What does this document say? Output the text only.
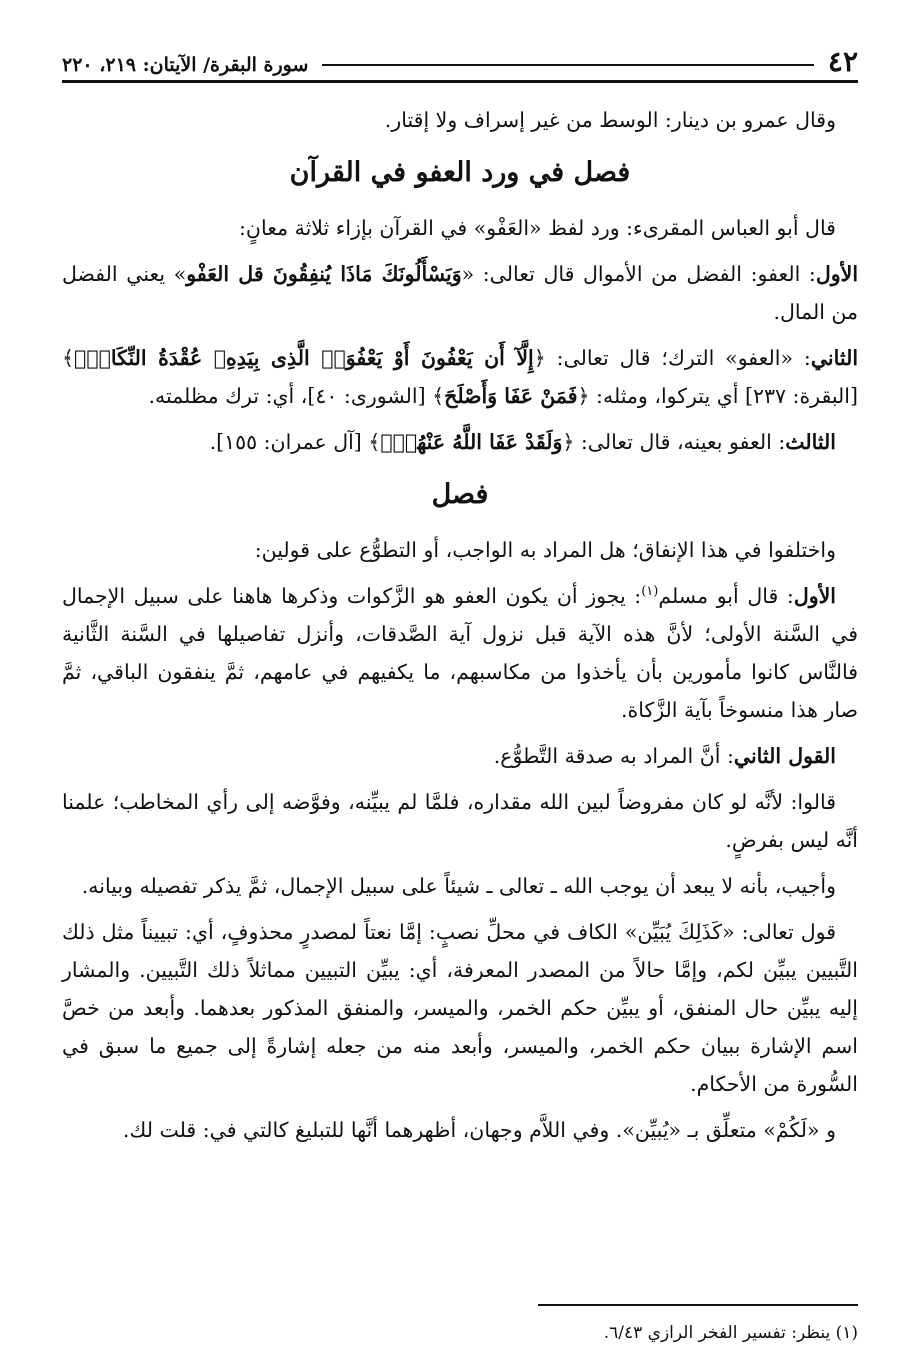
٤٢
سورة البقرة/ الآيتان: ٢١٩، ٢٢٠

وقال عمرو بن دينار: الوسط من غير إسراف ولا إقتار.

فصل في ورد العفو في القرآن

قال أبو العباس المقرىء: ورد لفظ «العَفْو» في القرآن بإزاء ثلاثة معانٍ:

الأول: العفو: الفضل من الأموال قال تعالى: «وَيَسْأَلُونَكَ مَاذَا يُنفِقُونَ قل العَفْو» يعني الفضل من المال.

الثاني: «العفو» الترك؛ قال تعالى: ﴿إِلَّآ أَن يَعْفُونَ أَوْ يَعْفُوَا۟ الَّذِى بِيَدِهِۦ عُقْدَةُ النِّكَاحِۚ﴾ [البقرة: ٢٣٧] أي يتركوا، ومثله: ﴿فَمَنْ عَفَا وَأَصْلَحَ﴾ [الشورى: ٤٠]، أي: ترك مظلمته.

الثالث: العفو بعينه، قال تعالى: ﴿وَلَقَدْ عَفَا اللَّهُ عَنْهُمْۗ﴾ [آل عمران: ١٥٥].

فصل

واختلفوا في هذا الإنفاق؛ هل المراد به الواجب، أو التطوُّع على قولين:

الأول: قال أبو مسلم$^{(١)}$: يجوز أن يكون العفو هو الزَّكوات وذكرها هاهنا على سبيل الإجمال في السَّنة الأولى؛ لأنَّ هذه الآية قبل نزول آية الصَّدقات، وأنزل تفاصيلها في السَّنة الثَّانية فالنَّاس كانوا مأمورين بأن يأخذوا من مكاسبهم، ما يكفيهم في عامهم، ثمَّ ينفقون الباقي، ثمَّ صار هذا منسوخاً بآية الزَّكاة.

القول الثاني: أنَّ المراد به صدقة التَّطوُّع.

قالوا: لأنَّه لو كان مفروضاً لبين الله مقداره، فلمَّا لم يبيِّنه، وفوَّضه إلى رأي المخاطب؛ علمنا أنَّه ليس بفرضٍ.

وأجيب، بأنه لا يبعد أن يوجب الله ـ تعالى ـ شيئاً على سبيل الإجمال، ثمَّ يذكر تفصيله وبيانه.

قول تعالى: «كَذَلِكَ يُبَيِّن» الكاف في محلِّ نصبٍ: إمَّا نعتاً لمصدرٍ محذوفٍ، أي: تبييناً مثل ذلك التَّبيين يبيِّن لكم، وإمَّا حالاً من المصدر المعرفة، أي: يبيِّن التبيين مماثلاً ذلك التَّبيين. والمشار إليه يبيِّن حال المنفق، أو يبيِّن حكم الخمر، والميسر، والمنفق المذكور بعدهما. وأبعد من خصَّ اسم الإشارة ببيان حكم الخمر، والميسر، وأبعد منه من جعله إشارةً إلى جميع ما سبق في السُّورة من الأحكام.

و «لَكُمْ» متعلِّق بـ «يُبيِّن». وفي اللاَّم وجهان، أظهرهما أنَّها للتبليغ كالتي في: قلت لك.

(١) ينظر: تفسير الفخر الرازي ٦/٤٣.
